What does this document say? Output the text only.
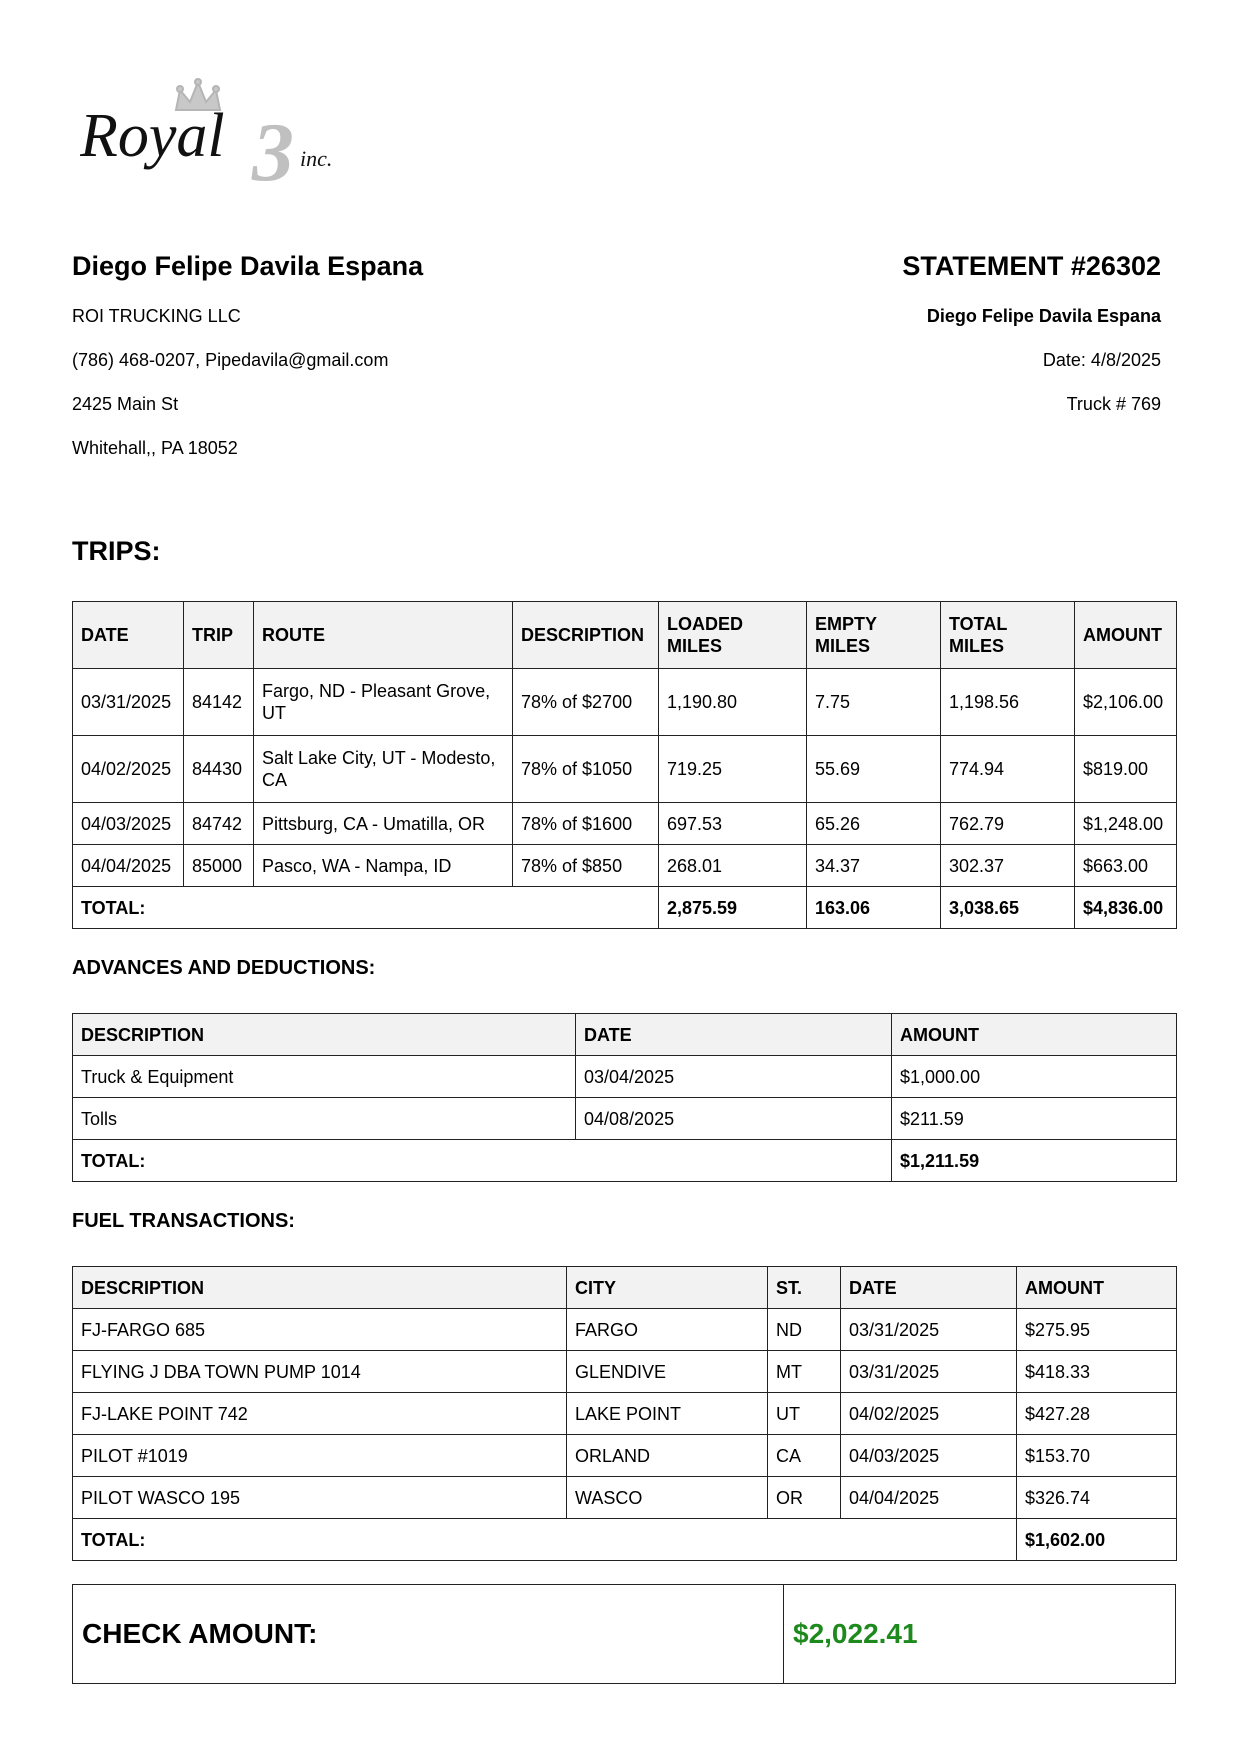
Royal 3 inc.
Diego Felipe Davila Espana
ROI TRUCKING LLC
(786) 468-0207, Pipedavila@gmail.com
2425 Main St
Whitehall,, PA 18052
STATEMENT #26302
Diego Felipe Davila Espana
Date: 4/8/2025
Truck # 769
TRIPS:
DATE	TRIP	ROUTE	DESCRIPTION	LOADED MILES	EMPTY MILES	TOTAL MILES	AMOUNT
03/31/2025	84142	Fargo, ND - Pleasant Grove, UT	78% of $2700	1,190.80	7.75	1,198.56	$2,106.00
04/02/2025	84430	Salt Lake City, UT - Modesto, CA	78% of $1050	719.25	55.69	774.94	$819.00
04/03/2025	84742	Pittsburg, CA - Umatilla, OR	78% of $1600	697.53	65.26	762.79	$1,248.00
04/04/2025	85000	Pasco, WA - Nampa, ID	78% of $850	268.01	34.37	302.37	$663.00
TOTAL:				2,875.59	163.06	3,038.65	$4,836.00
ADVANCES AND DEDUCTIONS:
DESCRIPTION	DATE	AMOUNT
Truck & Equipment	03/04/2025	$1,000.00
Tolls	04/08/2025	$211.59
TOTAL:		$1,211.59
FUEL TRANSACTIONS:
DESCRIPTION	CITY	ST.	DATE	AMOUNT
FJ-FARGO 685	FARGO	ND	03/31/2025	$275.95
FLYING J DBA TOWN PUMP 1014	GLENDIVE	MT	03/31/2025	$418.33
FJ-LAKE POINT 742	LAKE POINT	UT	04/02/2025	$427.28
PILOT #1019	ORLAND	CA	04/03/2025	$153.70
PILOT WASCO 195	WASCO	OR	04/04/2025	$326.74
TOTAL:				$1,602.00
CHECK AMOUNT:	$2,022.41
